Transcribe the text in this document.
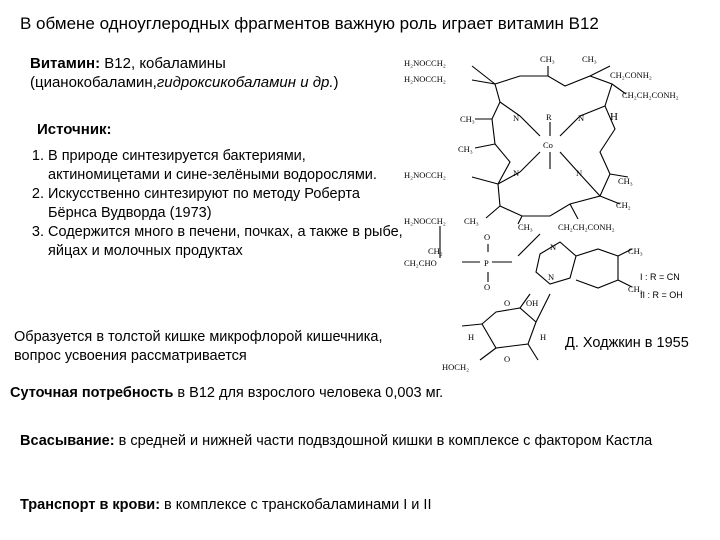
В обмене одноуглеродных фрагментов важную роль играет витамин В12
Витамин: В12, кобаламины
(цианокобаламин,гидроксикобаламин и др.)
Источник:
1. В природе синтезируется бактериями, актиномицетами и сине-зелёными водорослями.
2. Искусственно синтезируют по методу Роберта Бёрнса Вудворда (1973)
3. Содержится много в печени, почках, а также в рыбе, яйцах и молочных продуктах
Образуется в толстой кишке микрофлорой кишечника, вопрос усвоения рассматривается
Д. Ходжкин в 1955
Суточная потребность в В12 для взрослого человека 0,003 мг.
Всасывание: в средней и нижней части подвздошной кишки в комплексе с фактором Кастла
Транспорт в крови: в комплексе с транскобаламинами I и II
N	N
N	N
Co
R	H
H₂NOCCH₂
H₂NOCCH₂
CH₃	CH₃
CH₂CONH₂
CH₂CH₂CONH₂
CH₃
CH₃
H₂NOCCH₂
CH₃
CH₂
CH₃
H₂NOCCH₂
CH₃	CH₂CH₂CONH₂
CH₂
CH₂CHO	P
O
O
N
N
CH₃
CH₃
OH
O
HOCH₂
H	H
O
I : R = CN
II : R = OH
